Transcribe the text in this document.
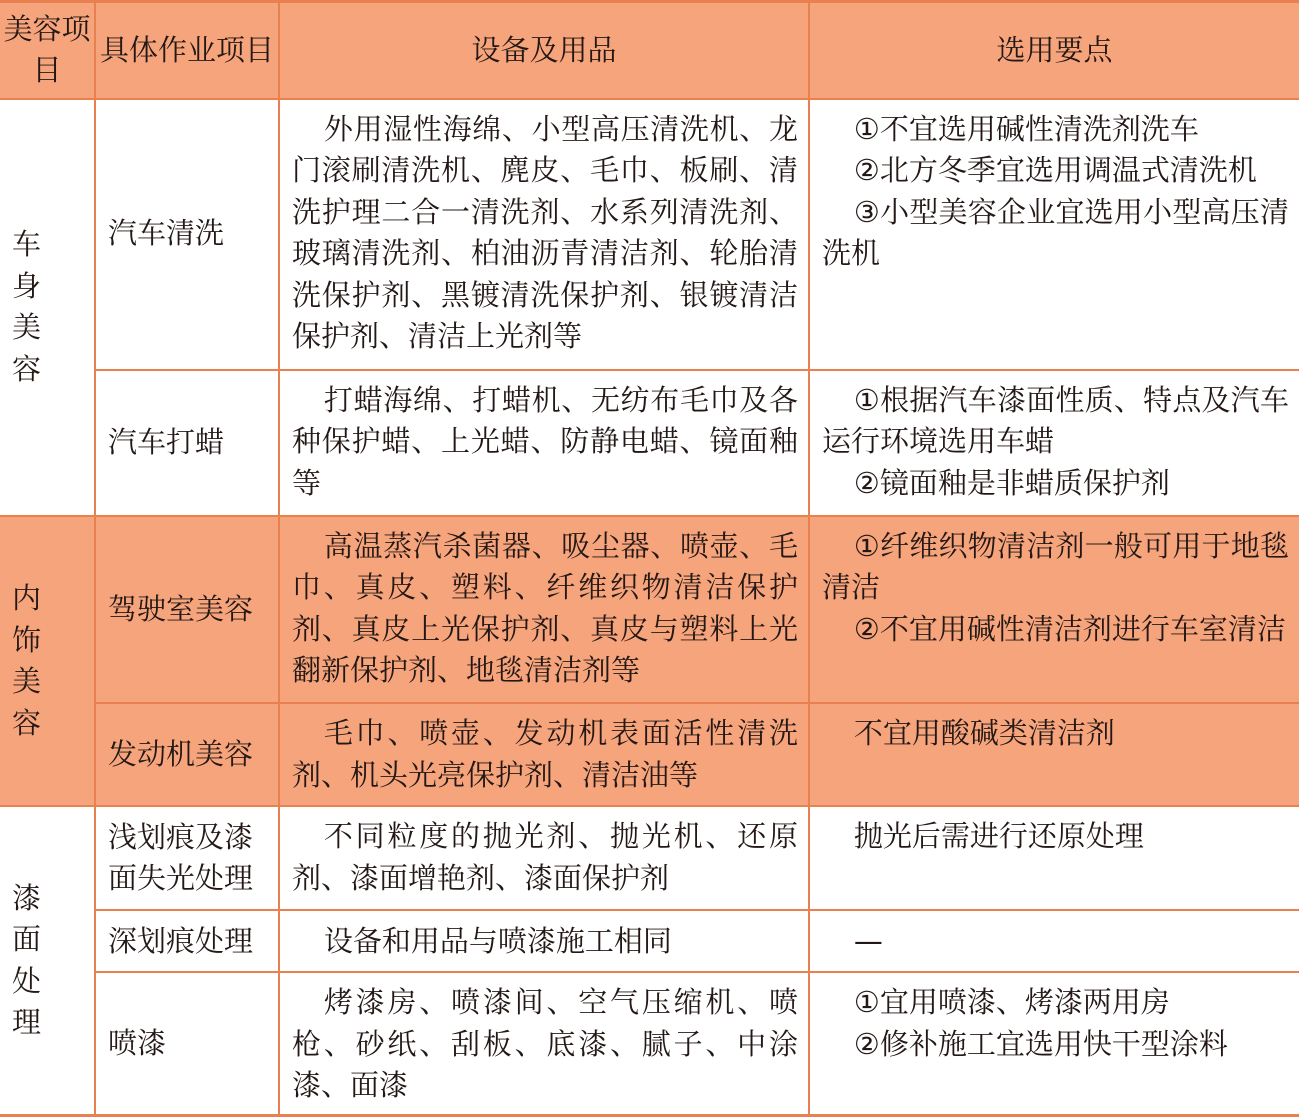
美容项目	具体作业项目	设备及用品	选用要点
车身美容	汽车清洗	外用湿性海绵、小型高压清洗机、龙门滚刷清洗机、麂皮、毛巾、板刷、清洗护理二合一清洗剂、水系列清洗剂、玻璃清洗剂、柏油沥青清洁剂、轮胎清洗保护剂、黑镀清洗保护剂、银镀清洁保护剂、清洁上光剂等	①不宜选用碱性清洗剂洗车
②北方冬季宜选用调温式清洗机
③小型美容企业宜选用小型高压清洗机

	汽车打蜡	打蜡海绵、打蜡机、无纺布毛巾及各种保护蜡、上光蜡、防静电蜡、镜面釉等	①根据汽车漆面性质、特点及汽车运行环境选用车蜡
②镜面釉是非蜡质保护剂

内饰美容	驾驶室美容	高温蒸汽杀菌器、吸尘器、喷壶、毛巾、真皮、塑料、纤维织物清洁保护剂、真皮上光保护剂、真皮与塑料上光翻新保护剂、地毯清洁剂等	①纤维织物清洁剂一般可用于地毯清洁
②不宜用碱性清洁剂进行车室清洁

	发动机美容	毛巾、喷壶、发动机表面活性清洗剂、机头光亮保护剂、清洁油等	不宜用酸碱类清洁剂

漆面处理	浅划痕及漆面失光处理	不同粒度的抛光剂、抛光机、还原剂、漆面增艳剂、漆面保护剂	抛光后需进行还原处理

	深划痕处理	设备和用品与喷漆施工相同	—

	喷漆	烤漆房、喷漆间、空气压缩机、喷枪、砂纸、刮板、底漆、腻子、中涂漆、面漆	①宜用喷漆、烤漆两用房
②修补施工宜选用快干型涂料
